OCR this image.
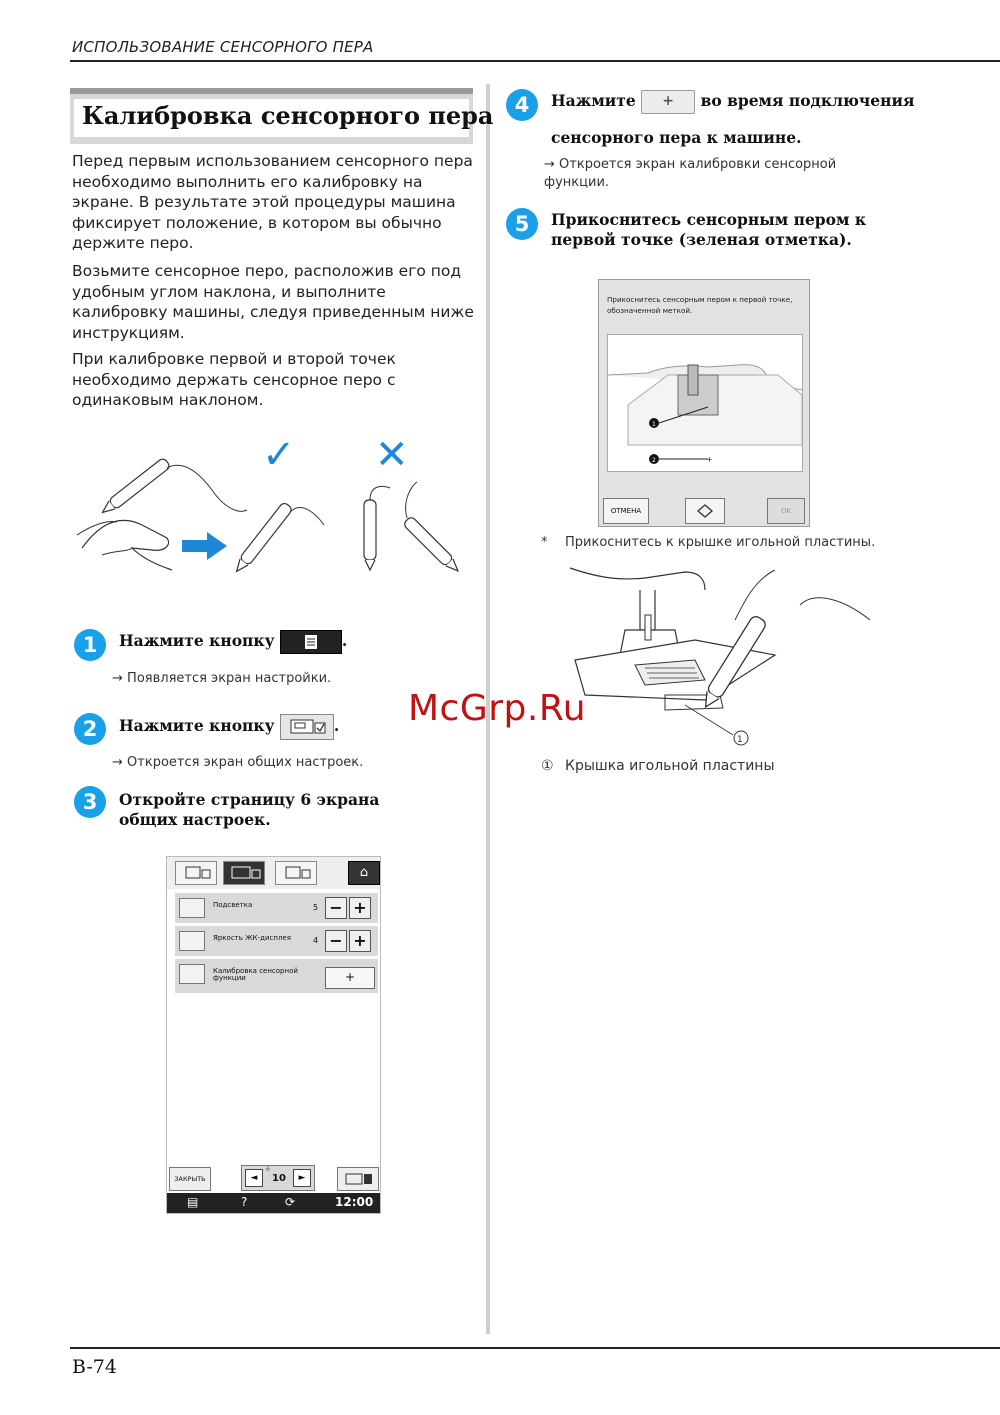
ИСПОЛЬЗОВАНИЕ СЕНСОРНОГО ПЕРА
Калибровка сенсорного пера
Перед первым использованием сенсорного пера необходимо выполнить его калибровку на экране. В результате этой процедуры машина фиксирует положение, в котором вы обычно держите перо.
Возьмите сенсорное перо, расположив его под удобным углом наклона, и выполните калибровку машины, следуя приведенным ниже инструкциям.
При калибровке первой и второй точек необходимо держать сенсорное перо с одинаковым наклоном.
✓ ✕
1	Нажмите кнопку	.
→ Появляется экран настройки.
2	Нажмите кнопку	.
→ Откроется экран общих настроек.
3	Откройте страницу 6 экрана общих настроек.
⌂
Подсветка	5 − +
Яркость ЖК-дисплея	4 − +
Калибровка сенсорной функции	+
ЗАКРЫТЬ	◄
6
10	►
▤	?	⟳	12:00
4	Нажмите + во время подключения
сенсорного пера к машине.
→ Откроется экран калибровки сенсорной функции.
5	Прикоснитесь сенсорным пером к первой точке (зеленая отметка).
Прикоснитесь сенсорным пером к первой точке, обозначенной меткой.
1
2	+
ОТМЕНА	OK
* Прикоснитесь к крышке игольной пластины.
1
① Крышка игольной пластины
McGrp.Ru
B-74
